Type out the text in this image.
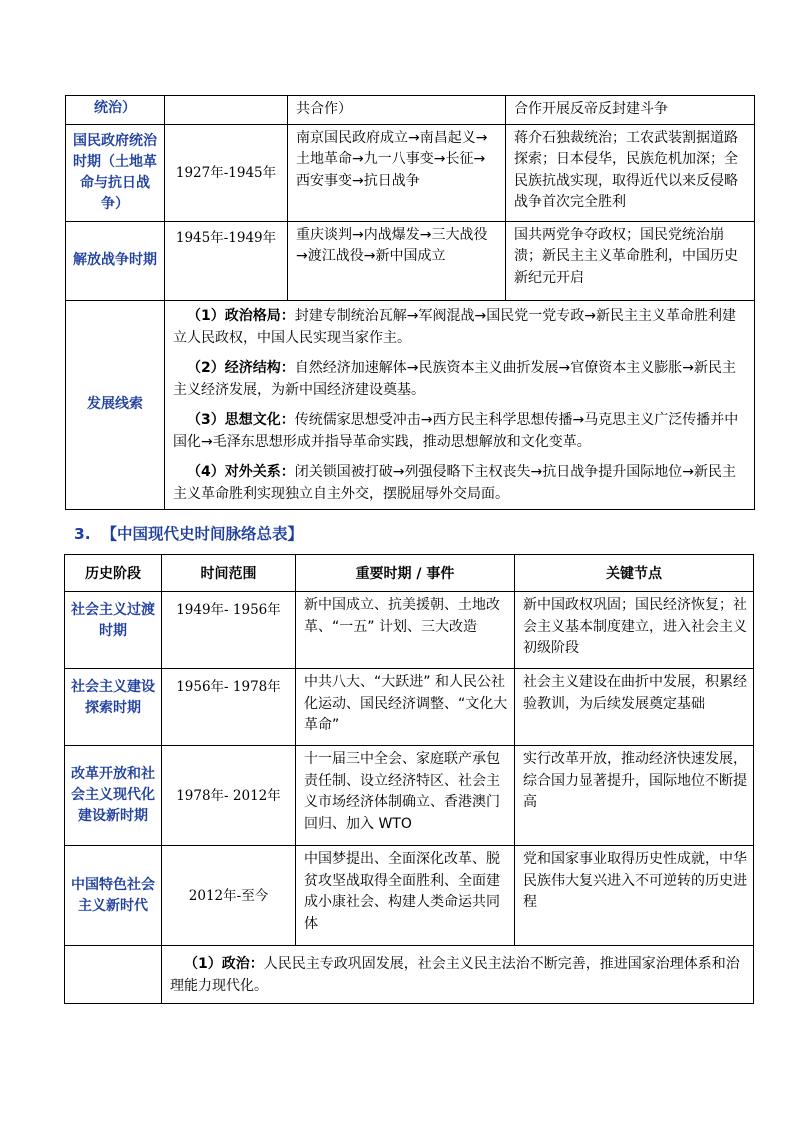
统治）		共合作）	合作开展反帝反封建斗争
国民政府统治时期（土地革命与抗日战争）	1927年-1945年	南京国民政府成立→南昌起义→土地革命→九一八事变→长征→西安事变→抗日战争	蒋介石独裁统治；工农武装割据道路探索；日本侵华，民族危机加深；全民族抗战实现，取得近代以来反侵略战争首次完全胜利
解放战争时期	1945年-1949年	重庆谈判→内战爆发→三大战役→渡江战役→新中国成立	国共两党争夺政权；国民党统治崩溃；新民主主义革命胜利，中国历史新纪元开启
发展线索	（1）政治格局：封建专制统治瓦解→军阀混战→国民党一党专政→新民主主义革命胜利建立人民政权，中国人民实现当家作主。

（2）经济结构：自然经济加速解体→民族资本主义曲折发展→官僚资本主义膨胀→新民主主义经济发展，为新中国经济建设奠基。

（3）思想文化：传统儒家思想受冲击→西方民主科学思想传播→马克思主义广泛传播并中国化→毛泽东思想形成并指导革命实践，推动思想解放和文化变革。

（4）对外关系：闭关锁国被打破→列强侵略下主权丧失→抗日战争提升国际地位→新民主主义革命胜利实现独立自主外交，摆脱屈辱外交局面。		

3. 【中国现代史时间脉络总表】
历史阶段	时间范围	重要时期 / 事件	关键节点
社会主义过渡时期	1949年- 1956年	新中国成立、抗美援朝、土地改革、“一五” 计划、三大改造	新中国政权巩固；国民经济恢复；社会主义基本制度建立，进入社会主义初级阶段
社会主义建设探索时期	1956年- 1978年	中共八大、“大跃进” 和人民公社化运动、国民经济调整、“文化大革命”	社会主义建设在曲折中发展，积累经验教训，为后续发展奠定基础
改革开放和社会主义现代化建设新时期	1978年- 2012年	十一届三中全会、家庭联产承包责任制、设立经济特区、社会主义市场经济体制确立、香港澳门回归、加入 WTO	实行改革开放，推动经济快速发展，综合国力显著提升，国际地位不断提高
中国特色社会主义新时代	2012年-至今	中国梦提出、全面深化改革、脱贫攻坚战取得全面胜利、全面建成小康社会、构建人类命运共同体	党和国家事业取得历史性成就，中华民族伟大复兴进入不可逆转的历史进程

	（1）政治：人民民主专政巩固发展，社会主义民主法治不断完善，推进国家治理体系和治理能力现代化。		
